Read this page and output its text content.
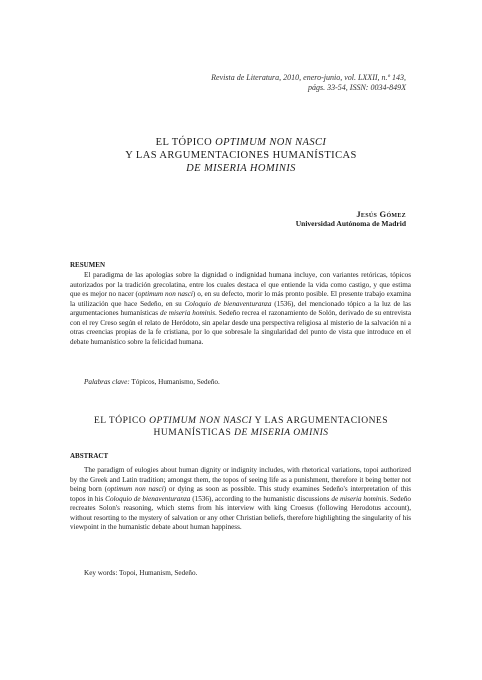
Revista de Literatura, 2010, enero-junio, vol. LXXII, n.º 143,
págs. 33-54, ISSN: 0034-849X
EL TÓPICO OPTIMUM NON NASCI
Y LAS ARGUMENTACIONES HUMANÍSTICAS
DE MISERIA HOMINIS
Jesús Gómez
Universidad Autónoma de Madrid
RESUMEN
El paradigma de las apologías sobre la dignidad o indignidad humana incluye, con variantes retóricas, tópicos autorizados por la tradición grecolatina, entre los cuales destaca el que entiende la vida como castigo, y que estima que es mejor no nacer (optimum non nasci) o, en su defecto, morir lo más pronto posible. El presente trabajo examina la utilización que hace Sedeño, en su Coloquio de bienaventuranza (1536), del mencionado tópico a la luz de las argumentaciones humanísticas de miseria hominis. Sedeño recrea el razonamiento de Solón, derivado de su entrevista con el rey Creso según el relato de Heródoto, sin apelar desde una perspectiva religiosa al misterio de la salvación ni a otras creencias propias de la fe cristiana, por lo que sobresale la singularidad del punto de vista que introduce en el debate humanístico sobre la felicidad humana.
Palabras clave: Tópicos, Humanismo, Sedeño.
EL TÓPICO OPTIMUM NON NASCI Y LAS ARGUMENTACIONES
HUMANÍSTICAS DE MISERIA OMINIS
ABSTRACT
The paradigm of eulogies about human dignity or indignity includes, with rhetorical variations, topoi authorized by the Greek and Latin tradition; amongst them, the topos of seeing life as a punishment, therefore it being better not being born (optimum non nasci) or dying as soon as possible. This study examines Sedeño's interpretation of this topos in his Coloquio de bienaventuranza (1536), according to the humanistic discussions de miseria hominis. Sedeño recreates Solon's reasoning, which stems from his interview with king Croesus (following Herodotus account), without resorting to the mystery of salvation or any other Christian beliefs, therefore highlighting the singularity of his viewpoint in the humanistic debate about human happiness.
Key words: Topoi, Humanism, Sedeño.
